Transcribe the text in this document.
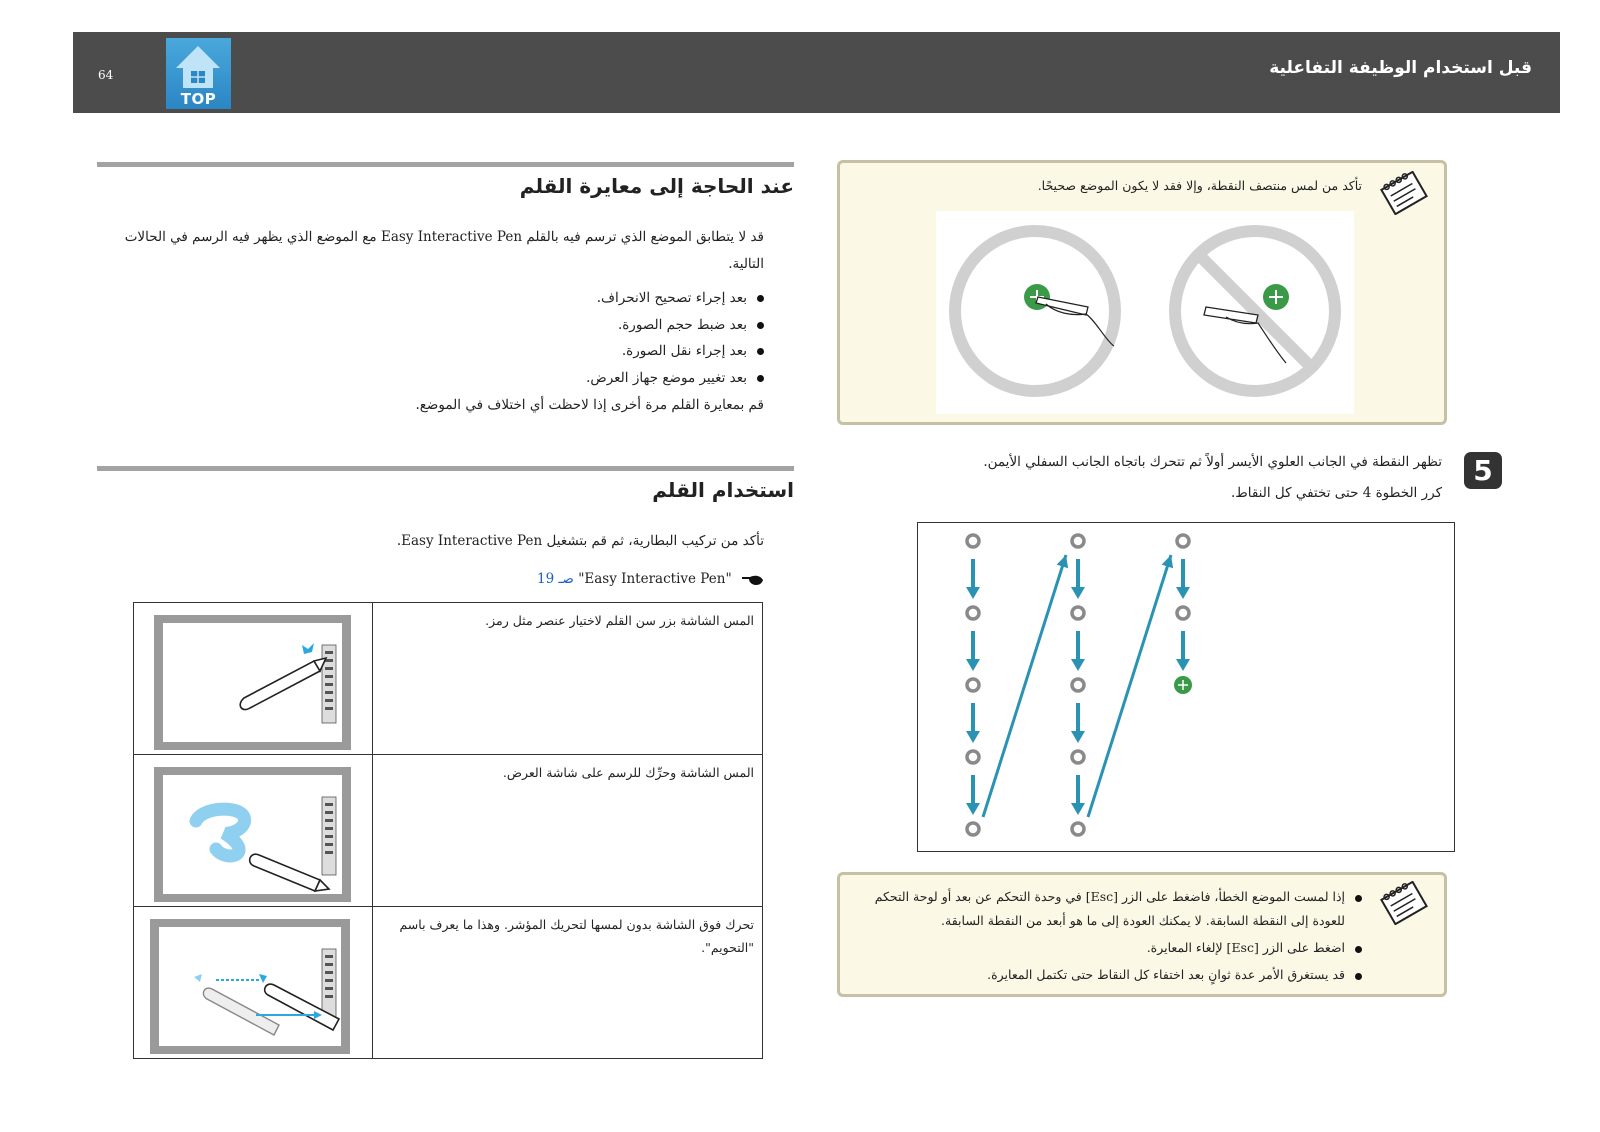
64
TOP
قبل استخدام الوظيفة التفاعلية
عند الحاجة إلى معايرة القلم
قد لا يتطابق الموضع الذي ترسم فيه بالقلم Easy Interactive Pen مع الموضع الذي يظهر فيه الرسم في الحالات
التالية.
بعد إجراء تصحيح الانحراف.
بعد ضبط حجم الصورة.
بعد إجراء نقل الصورة.
بعد تغيير موضع جهاز العرض.
قم بمعايرة القلم مرة أخرى إذا لاحظت أي اختلاف في الموضع.
استخدام القلم
تأكد من تركيب البطارية، ثم قم بتشغيل Easy Interactive Pen.
"Easy Interactive Pen" صـ 19
المس الشاشة بزر سن القلم لاختيار عنصر مثل رمز.
المس الشاشة وحرِّك للرسم على شاشة العرض.
تحرك فوق الشاشة بدون لمسها لتحريك المؤشر. وهذا ما يعرف باسم "التحويم".
تأكد من لمس منتصف النقطة، وإلا فقد لا يكون الموضع صحيحًا.
5
تظهر النقطة في الجانب العلوي الأيسر أولاً ثم تتحرك باتجاه الجانب السفلي الأيمن.
كرر الخطوة 4 حتى تختفي كل النقاط.
إذا لمست الموضع الخطأ، فاضغط على الزر [Esc] في وحدة التحكم عن بعد أو لوحة التحكم للعودة إلى النقطة السابقة. لا يمكنك العودة إلى ما هو أبعد من النقطة السابقة.
اضغط على الزر [Esc] لإلغاء المعايرة.
قد يستغرق الأمر عدة ثوانٍ بعد اختفاء كل النقاط حتى تكتمل المعايرة.
